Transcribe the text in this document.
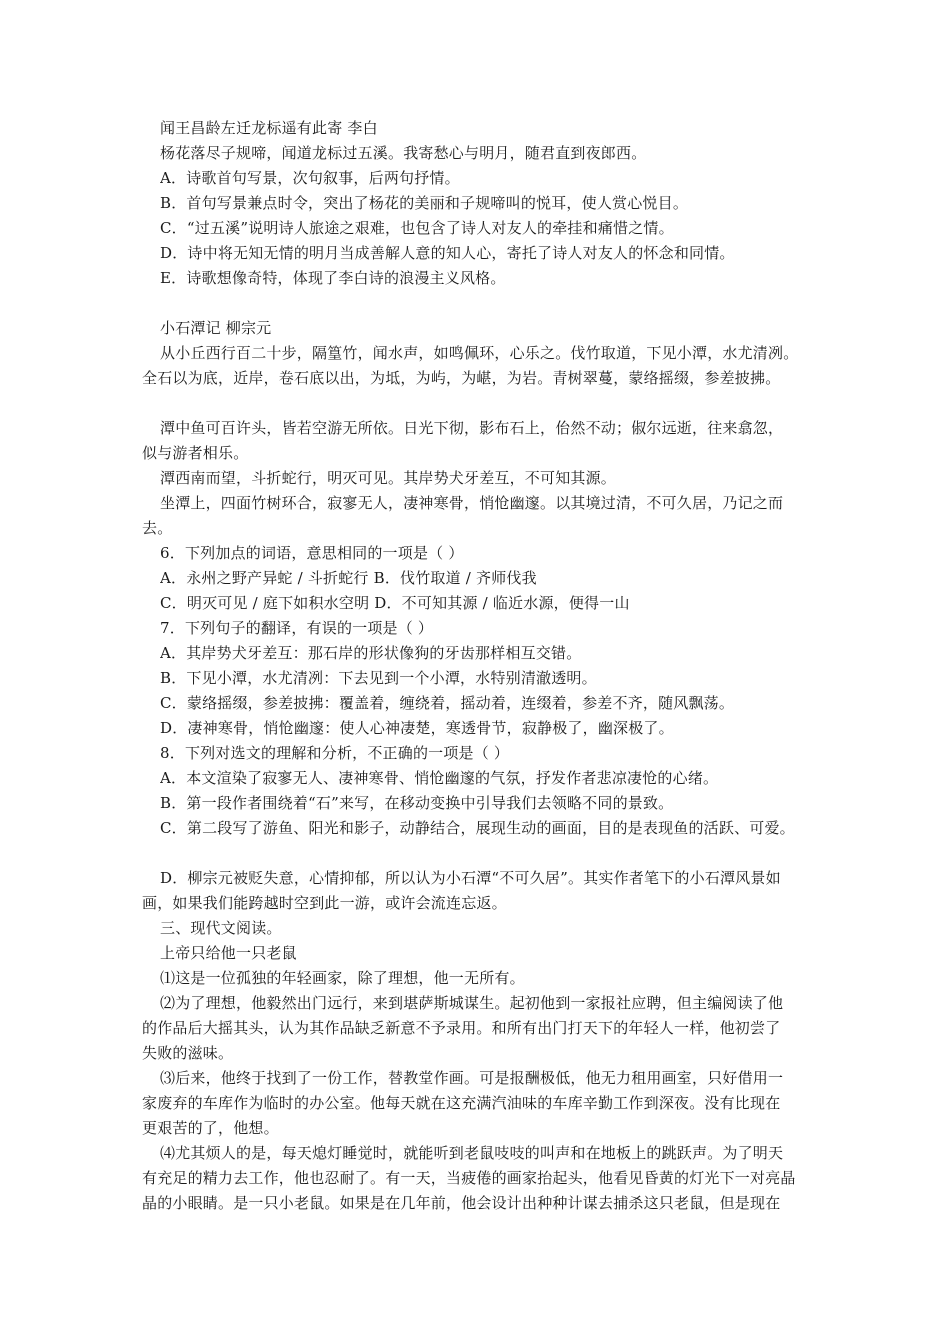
闻王昌龄左迁龙标遥有此寄 李白
杨花落尽子规啼，闻道龙标过五溪。我寄愁心与明月，随君直到夜郎西。
A．诗歌首句写景，次句叙事，后两句抒情。
B．首句写景兼点时令，突出了杨花的美丽和子规啼叫的悦耳，使人赏心悦目。
C．“过五溪”说明诗人旅途之艰难，也包含了诗人对友人的牵挂和痛惜之情。
D．诗中将无知无情的明月当成善解人意的知人心，寄托了诗人对友人的怀念和同情。
E．诗歌想像奇特，体现了李白诗的浪漫主义风格。
小石潭记 柳宗元
从小丘西行百二十步，隔篁竹，闻水声，如鸣佩环，心乐之。伐竹取道，下见小潭，水尤清冽。
全石以为底，近岸，卷石底以出，为坻，为屿，为嵁，为岩。青树翠蔓，蒙络摇缀，参差披拂。
潭中鱼可百许头，皆若空游无所依。日光下彻，影布石上，佁然不动；俶尔远逝，往来翕忽，
似与游者相乐。
潭西南而望，斗折蛇行，明灭可见。其岸势犬牙差互，不可知其源。
坐潭上，四面竹树环合，寂寥无人，凄神寒骨，悄怆幽邃。以其境过清，不可久居，乃记之而
去。
6．下列加点的词语，意思相同的一项是（ ）
A．永州之野产异蛇 / 斗折蛇行 B．伐竹取道 / 齐师伐我
C．明灭可见 / 庭下如积水空明 D．不可知其源 / 临近水源，便得一山
7．下列句子的翻译，有误的一项是（ ）
A．其岸势犬牙差互：那石岸的形状像狗的牙齿那样相互交错。
B．下见小潭，水尤清冽：下去见到一个小潭，水特别清澈透明。
C．蒙络摇缀，参差披拂：覆盖着，缠绕着，摇动着，连缀着，参差不齐，随风飘荡。
D．凄神寒骨，悄怆幽邃：使人心神凄楚，寒透骨节，寂静极了，幽深极了。
8．下列对选文的理解和分析，不正确的一项是（ ）
A．本文渲染了寂寥无人、凄神寒骨、悄怆幽邃的气氛，抒发作者悲凉凄怆的心绪。
B．第一段作者围绕着“石”来写，在移动变换中引导我们去领略不同的景致。
C．第二段写了游鱼、阳光和影子，动静结合，展现生动的画面，目的是表现鱼的活跃、可爱。
D．柳宗元被贬失意，心情抑郁，所以认为小石潭“不可久居”。其实作者笔下的小石潭风景如
画，如果我们能跨越时空到此一游，或许会流连忘返。
三、现代文阅读。
上帝只给他一只老鼠
⑴这是一位孤独的年轻画家，除了理想，他一无所有。
⑵为了理想，他毅然出门远行，来到堪萨斯城谋生。起初他到一家报社应聘，但主编阅读了他
的作品后大摇其头，认为其作品缺乏新意不予录用。和所有出门打天下的年轻人一样，他初尝了
失败的滋味。
⑶后来，他终于找到了一份工作，替教堂作画。可是报酬极低，他无力租用画室，只好借用一
家废弃的车库作为临时的办公室。他每天就在这充满汽油味的车库辛勤工作到深夜。没有比现在
更艰苦的了，他想。
⑷尤其烦人的是，每天熄灯睡觉时，就能听到老鼠吱吱的叫声和在地板上的跳跃声。为了明天
有充足的精力去工作，他也忍耐了。有一天，当疲倦的画家抬起头，他看见昏黄的灯光下一对亮晶
晶的小眼睛。是一只小老鼠。如果是在几年前，他会设计出种种计谋去捕杀这只老鼠，但是现在
